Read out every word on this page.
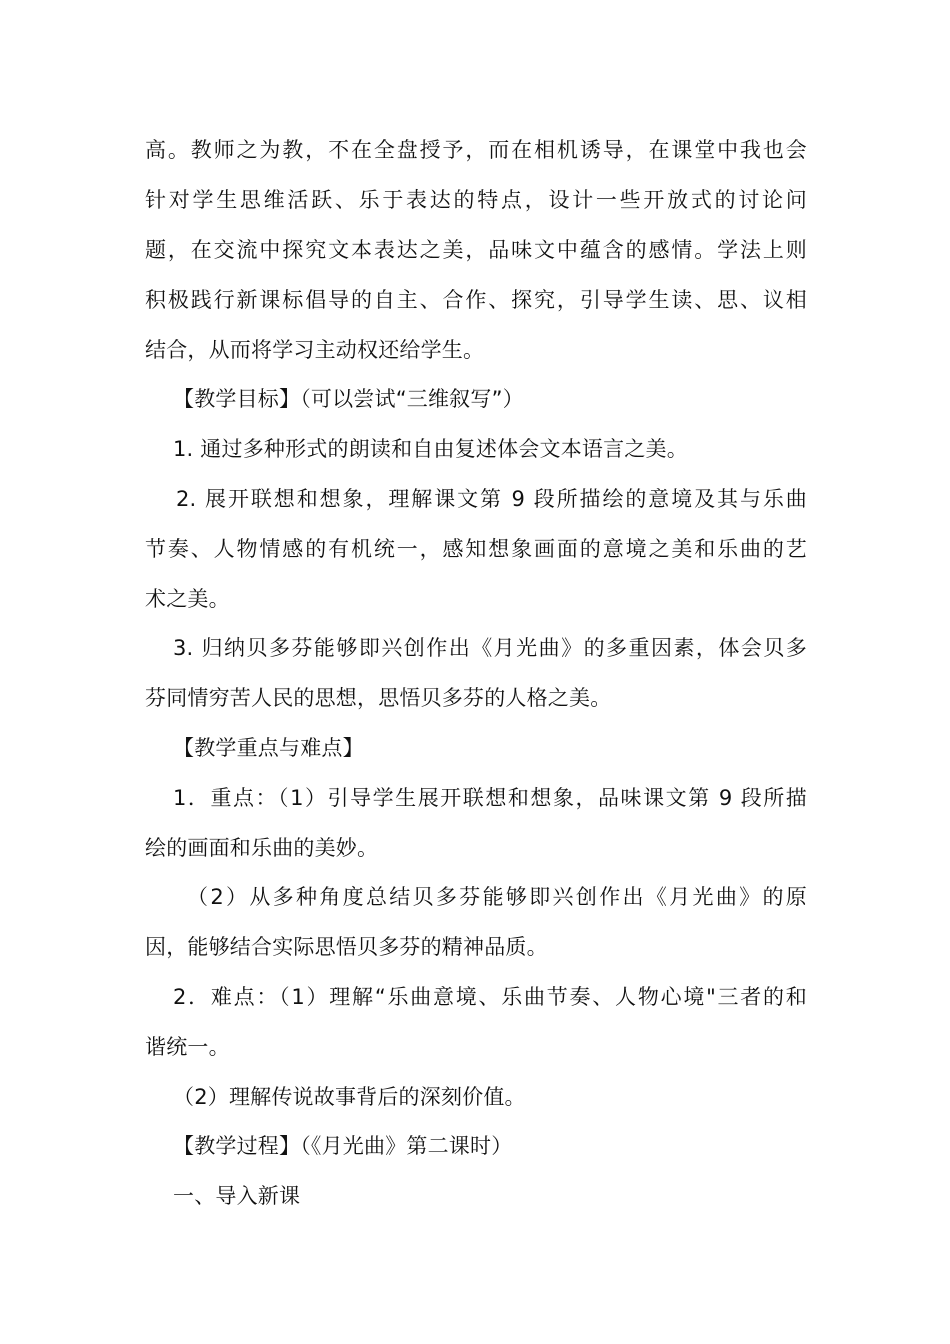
高。教师之为教，不在全盘授予，而在相机诱导，在课堂中我也会
针对学生思维活跃、乐于表达的特点，设计一些开放式的讨论问
题，在交流中探究文本表达之美，品味文中蕴含的感情。学法上则
积极践行新课标倡导的自主、合作、探究，引导学生读、思、议相
结合，从而将学习主动权还给学生。
【教学目标】（可以尝试“三维叙写”）
1. 通过多种形式的朗读和自由复述体会文本语言之美。
2. 展开联想和想象，理解课文第 9 段所描绘的意境及其与乐曲
节奏、人物情感的有机统一，感知想象画面的意境之美和乐曲的艺
术之美。
3. 归纳贝多芬能够即兴创作出《月光曲》的多重因素，体会贝多
芬同情穷苦人民的思想，思悟贝多芬的人格之美。
【教学重点与难点】
1．重点：（1）引导学生展开联想和想象，品味课文第 9 段所描
绘的画面和乐曲的美妙。
（2）从多种角度总结贝多芬能够即兴创作出《月光曲》的原
因，能够结合实际思悟贝多芬的精神品质。
2．难点：（1）理解“乐曲意境、乐曲节奏、人物心境"三者的和
谐统一。
（2）理解传说故事背后的深刻价值。
【教学过程】（《月光曲》第二课时）
一、导入新课
